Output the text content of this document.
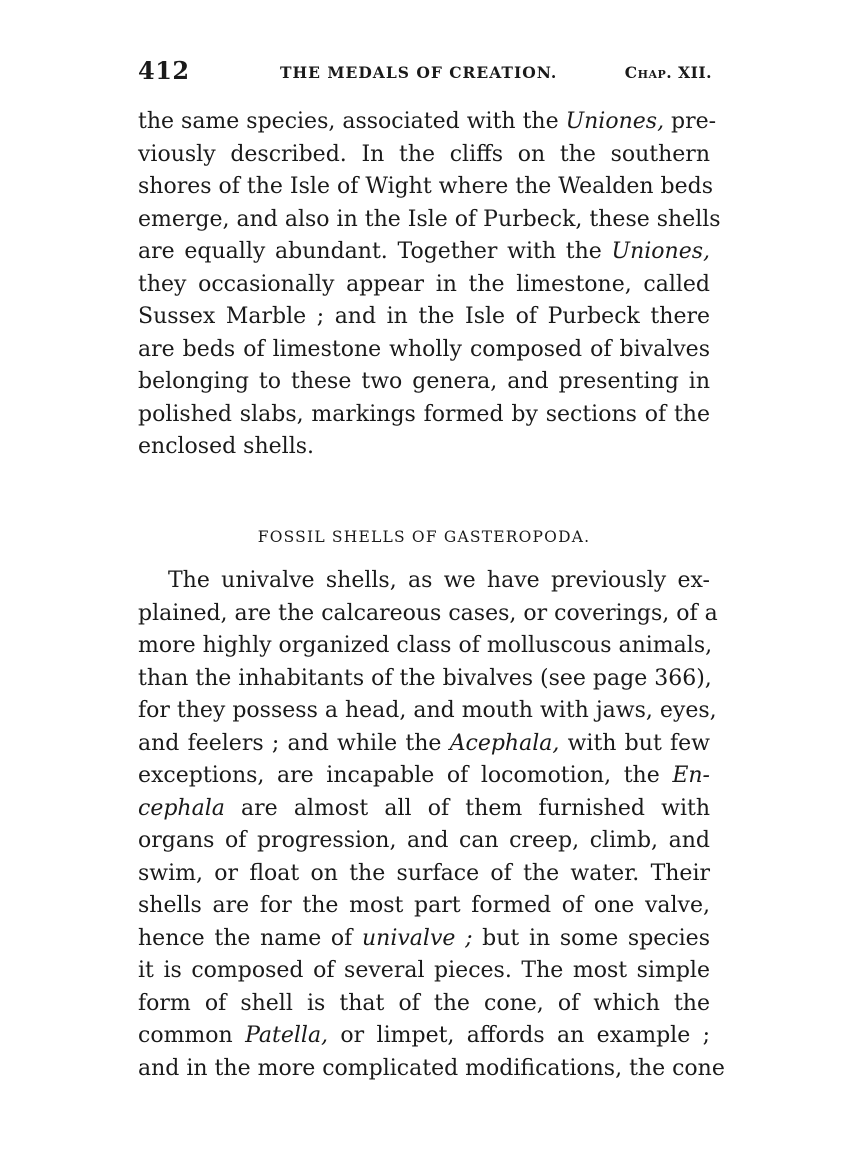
412	THE MEDALS OF CREATION.	Chap. XII.
the same species, associated with the Uniones, pre-
viously described. In the cliffs on the southern
shores of the Isle of Wight where the Wealden beds
emerge, and also in the Isle of Purbeck, these shells
are equally abundant. Together with the Uniones,
they occasionally appear in the limestone, called
Sussex Marble ; and in the Isle of Purbeck there
are beds of limestone wholly composed of bivalves
belonging to these two genera, and presenting in
polished slabs, markings formed by sections of the
enclosed shells.
FOSSIL SHELLS OF GASTEROPODA.
The univalve shells, as we have previously ex-
plained, are the calcareous cases, or coverings, of a
more highly organized class of molluscous animals,
than the inhabitants of the bivalves (see page 366),
for they possess a head, and mouth with jaws, eyes,
and feelers ; and while the Acephala, with but few
exceptions, are incapable of locomotion, the En-
cephala are almost all of them furnished with
organs of progression, and can creep, climb, and
swim, or float on the surface of the water. Their
shells are for the most part formed of one valve,
hence the name of univalve ; but in some species
it is composed of several pieces. The most simple
form of shell is that of the cone, of which the
common Patella, or limpet, affords an example ;
and in the more complicated modifications, the cone
